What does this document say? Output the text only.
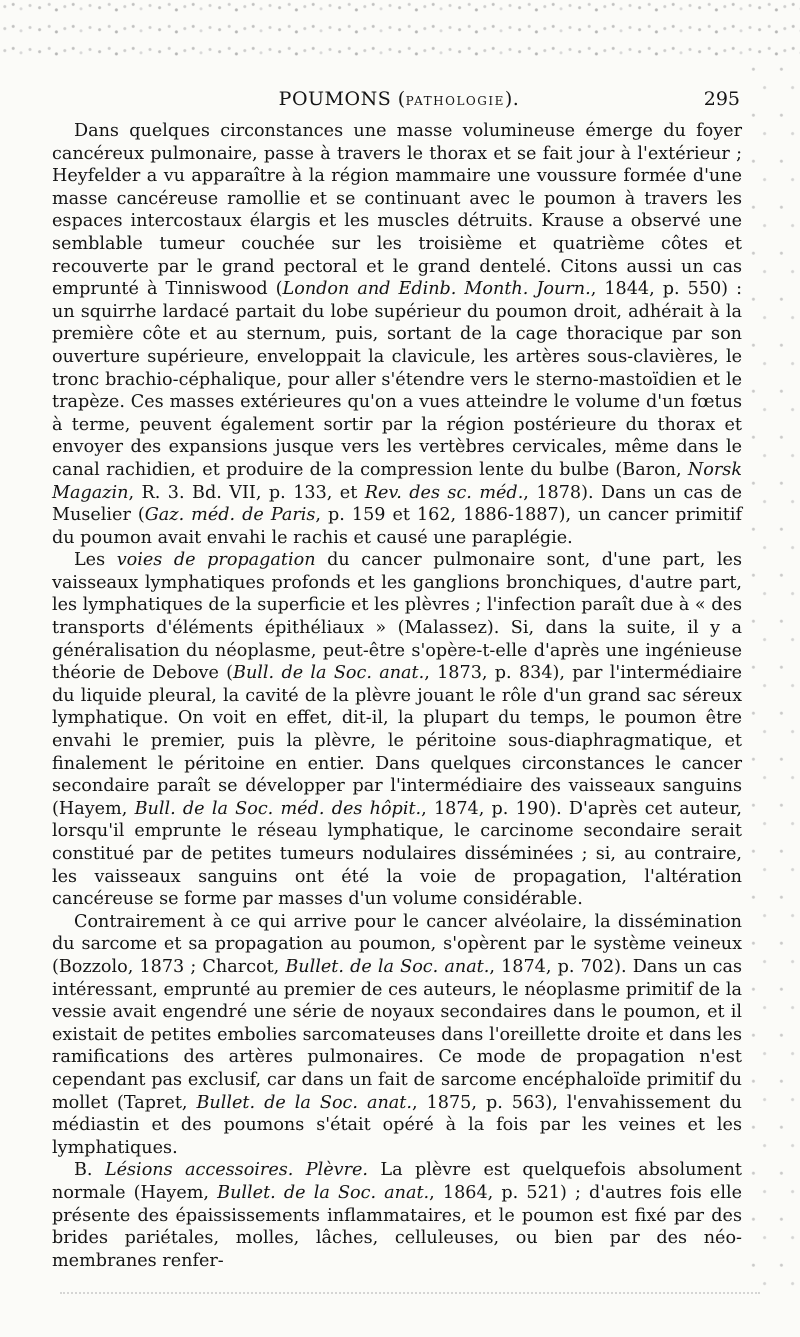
POUMONS (PATHOLOGIE).	295

Dans quelques circonstances une masse volumineuse émerge du foyer cancéreux pulmonaire, passe à travers le thorax et se fait jour à l'extérieur ; Heyfelder a vu apparaître à la région mammaire une voussure formée d'une masse cancéreuse ramollie et se continuant avec le poumon à travers les espaces intercostaux élargis et les muscles détruits. Krause a observé une semblable tumeur couchée sur les troisième et quatrième côtes et recouverte par le grand pectoral et le grand dentelé. Citons aussi un cas emprunté à Tinniswood (London and Edinb. Month. Journ., 1844, p. 550) : un squirrhe lardacé partait du lobe supérieur du poumon droit, adhérait à la première côte et au sternum, puis, sortant de la cage thoracique par son ouverture supérieure, enveloppait la clavicule, les artères sous-clavières, le tronc brachio-céphalique, pour aller s'étendre vers le sterno-mastoïdien et le trapèze. Ces masses extérieures qu'on a vues atteindre le volume d'un fœtus à terme, peuvent également sortir par la région postérieure du thorax et envoyer des expansions jusque vers les vertèbres cervicales, même dans le canal rachidien, et produire de la compression lente du bulbe (Baron, Norsk Magazin, R. 3. Bd. VII, p. 133, et Rev. des sc. méd., 1878). Dans un cas de Muselier (Gaz. méd. de Paris, p. 159 et 162, 1886-1887), un cancer primitif du poumon avait envahi le rachis et causé une paraplégie.

Les voies de propagation du cancer pulmonaire sont, d'une part, les vaisseaux lymphatiques profonds et les ganglions bronchiques, d'autre part, les lymphatiques de la superficie et les plèvres ; l'infection paraît due à « des transports d'éléments épithéliaux » (Malassez). Si, dans la suite, il y a généralisation du néoplasme, peut-être s'opère-t-elle d'après une ingénieuse théorie de Debove (Bull. de la Soc. anat., 1873, p. 834), par l'intermédiaire du liquide pleural, la cavité de la plèvre jouant le rôle d'un grand sac séreux lymphatique. On voit en effet, dit-il, la plupart du temps, le poumon être envahi le premier, puis la plèvre, le péritoine sous-diaphragmatique, et finalement le péritoine en entier. Dans quelques circonstances le cancer secondaire paraît se développer par l'intermédiaire des vaisseaux sanguins (Hayem, Bull. de la Soc. méd. des hôpit., 1874, p. 190). D'après cet auteur, lorsqu'il emprunte le réseau lymphatique, le carcinome secondaire serait constitué par de petites tumeurs nodulaires disséminées ; si, au contraire, les vaisseaux sanguins ont été la voie de propagation, l'altération cancéreuse se forme par masses d'un volume considérable.

Contrairement à ce qui arrive pour le cancer alvéolaire, la dissémination du sarcome et sa propagation au poumon, s'opèrent par le système veineux (Bozzolo, 1873 ; Charcot, Bullet. de la Soc. anat., 1874, p. 702). Dans un cas intéressant, emprunté au premier de ces auteurs, le néoplasme primitif de la vessie avait engendré une série de noyaux secondaires dans le poumon, et il existait de petites embolies sarcomateuses dans l'oreillette droite et dans les ramifications des artères pulmonaires. Ce mode de propagation n'est cependant pas exclusif, car dans un fait de sarcome encéphaloïde primitif du mollet (Tapret, Bullet. de la Soc. anat., 1875, p. 563), l'envahissement du médiastin et des poumons s'était opéré à la fois par les veines et les lymphatiques.

B. Lésions accessoires. Plèvre. La plèvre est quelquefois absolument normale (Hayem, Bullet. de la Soc. anat., 1864, p. 521) ; d'autres fois elle présente des épaississements inflammataires, et le poumon est fixé par des brides pariétales, molles, lâches, celluleuses, ou bien par des néo-membranes renfer-
